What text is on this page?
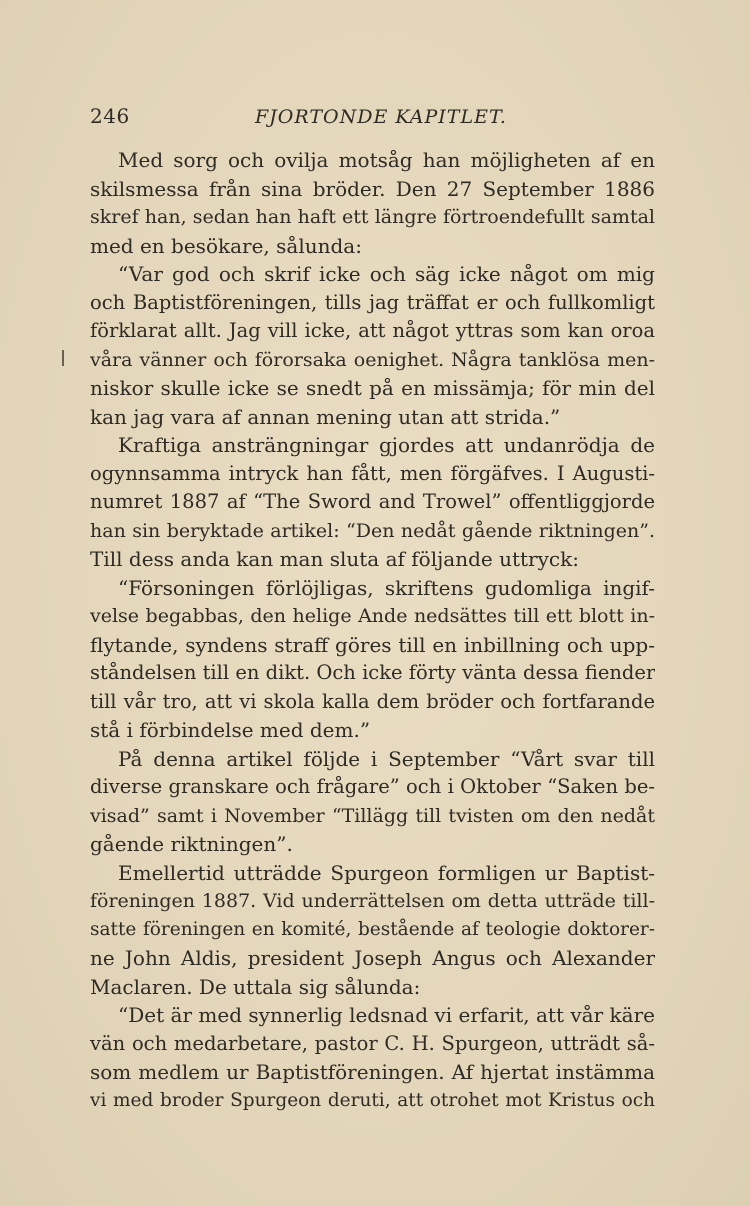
246	FJORTONDE KAPITLET.
Med sorg och ovilja motsåg han möjligheten af en
skilsmessa från sina bröder. Den 27 September 1886
skref han, sedan han haft ett längre förtroendefullt samtal
med en besökare, sålunda:
“Var god och skrif icke och säg icke något om mig
och Baptistföreningen, tills jag träffat er och fullkomligt
förklarat allt. Jag vill icke, att något yttras som kan oroa
våra vänner och förorsaka oenighet. Några tanklösa men-
niskor skulle icke se snedt på en missämja; för min del
kan jag vara af annan mening utan att strida.”
Kraftiga ansträngningar gjordes att undanrödja de
ogynnsamma intryck han fått, men förgäfves. I Augusti-
numret 1887 af “The Sword and Trowel” offentliggjorde
han sin beryktade artikel: “Den nedåt gående riktningen”.
Till dess anda kan man sluta af följande uttryck:
“Försoningen förlöjligas, skriftens gudomliga ingif-
velse begabbas, den helige Ande nedsättes till ett blott in-
flytande, syndens straff göres till en inbillning och upp-
ståndelsen till en dikt. Och icke förty vänta dessa fiender
till vår tro, att vi skola kalla dem bröder och fortfarande
stå i förbindelse med dem.”
På denna artikel följde i September “Vårt svar till
diverse granskare och frågare” och i Oktober “Saken be-
visad” samt i November “Tillägg till tvisten om den nedåt
gående riktningen”.
Emellertid utträdde Spurgeon formligen ur Baptist-
föreningen 1887. Vid underrättelsen om detta utträde till-
satte föreningen en komité, bestående af teologie doktorer-
ne John Aldis, president Joseph Angus och Alexander
Maclaren. De uttala sig sålunda:
“Det är med synnerlig ledsnad vi erfarit, att vår käre
vän och medarbetare, pastor C. H. Spurgeon, utträdt så-
som medlem ur Baptistföreningen. Af hjertat instämma
vi med broder Spurgeon deruti, att otrohet mot Kristus och
